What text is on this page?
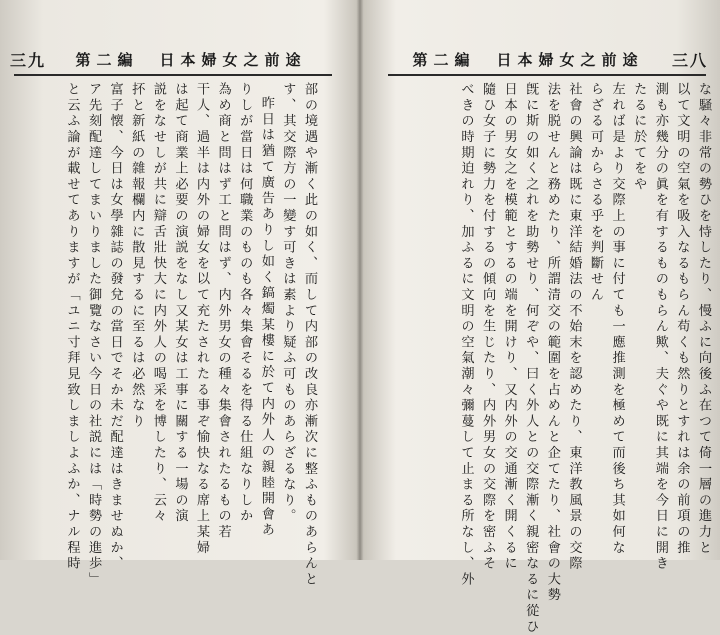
三九 第二編　日本婦女之前途
部の境遇や漸く此の如く、而して内部の改良亦漸次に整ふものあらんと
す、其交際方の一變す可きは素より疑ふ可ものあらざるなり。
昨日は猶て廣告ありし如く鎬燭某樓に於て内外人の親睦開會あ
りしが當日は何職業のものも各々集會そるを得る仕組なりしか
為め商と問はず工と問はず、内外男女の種々集會されたるもの若
干人、過半は内外の婦女を以て充たされたる事ぞ愉快なる席上某婦
は起て商業上必要の演説をなし又某女は工事に關する一場の演
説をなせしが共に辯舌壯快大に内外人の喝采を博したり、云々
抔と新紙の雜報欄内に散見するに至るは必然なり
富子懐、今日は女學雜誌の發兌の當日でそか未だ配達はきませぬか、
ア先刻配達してまいりました御覽なさい今日の社説には「時勢の進歩」
と云ふ論が載せてありますが「ユニ寸拜見致しましよふか、ナル程時
第二編　日本婦女之前途 三八
な騒々非常の勢ひを恃したり、慢ふに向後ふ在つて倚一層の進力と
以て文明の空氣を吸入なるもらん苟くも然りとすれは余の前項の推
測も亦幾分の眞を有するものもらん歟、夫ぐや既に其端を今日に開き
たるに於てをや
左れば是より交際上の事に付ても一應推測を極めて而後ち其如何な
らざる可からさる乎を判斷せん
社會の興論は既に東洋結婚法の不始末を認めたり、東洋教風景の交際
法を脱せんと務めたり、所謂清交の範圍を占めんと企てたり、社會の大勢
旣に斯の如く之れを助勢せり、何ぞや、曰く外人との交際漸く親密なるに從ひ
日本の男女之を模範とするの端を開けり、又内外の交通漸く開くるに
隨ひ女子に勢力を付するの傾向を生じたり、内外男女の交際を密ふそ
べきの時期迫れり、加ふるに文明の空氣潮々彌蔓して止まる所なし、外
